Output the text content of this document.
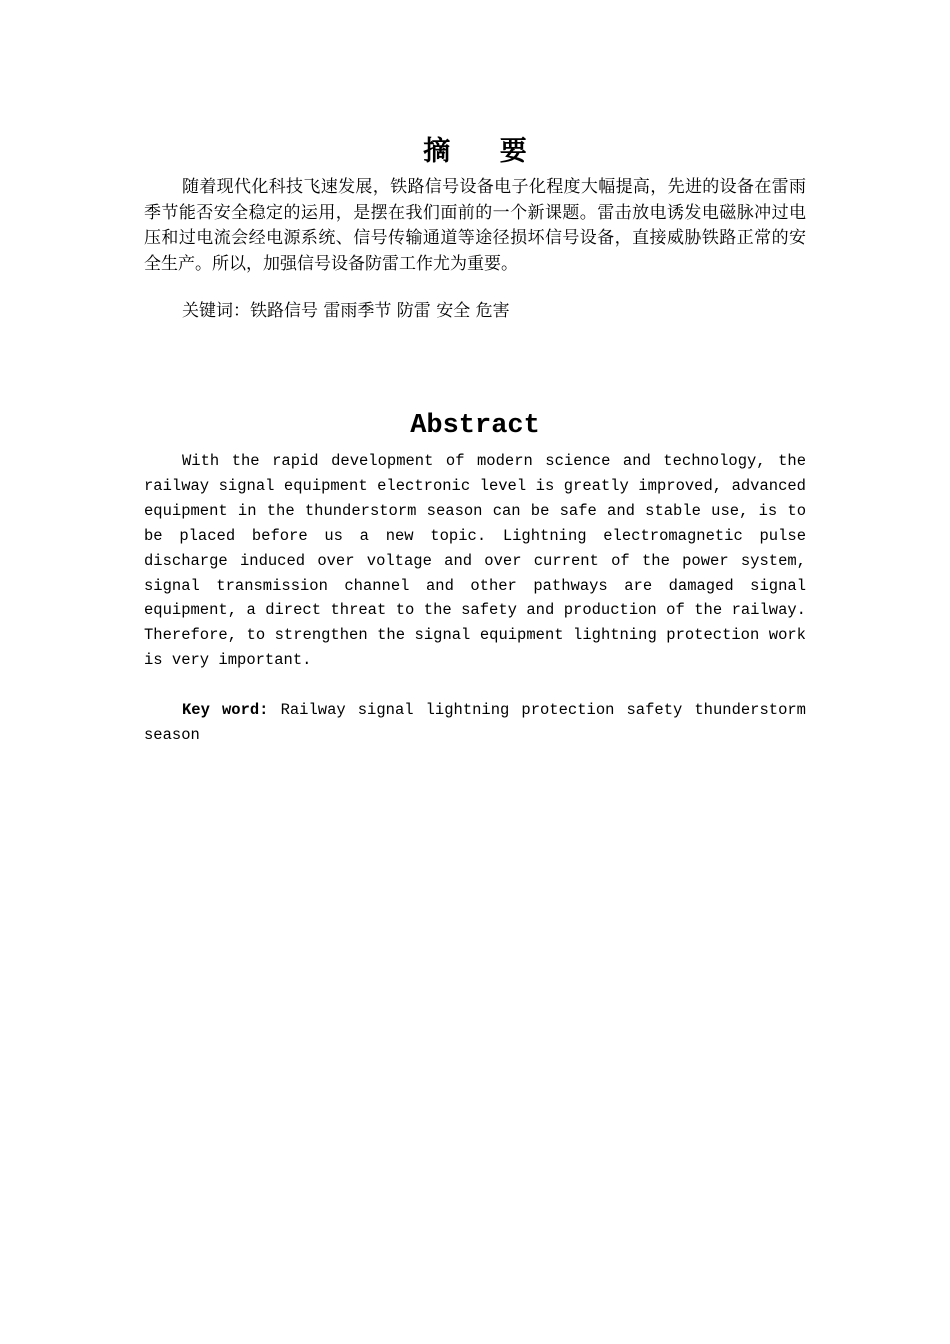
摘 要

随着现代化科技飞速发展，铁路信号设备电子化程度大幅提高，先进的设备在雷雨季节能否安全稳定的运用，是摆在我们面前的一个新课题。雷击放电诱发电磁脉冲过电压和过电流会经电源系统、信号传输通道等途径损坏信号设备，直接威胁铁路正常的安全生产。所以，加强信号设备防雷工作尤为重要。

关键词：铁路信号 雷雨季节 防雷 安全 危害

Abstract

With the rapid development of modern science and technology, the railway signal equipment electronic level is greatly improved, advanced equipment in the thunderstorm season can be safe and stable use, is to be placed before us a new topic. Lightning electromagnetic pulse discharge induced over voltage and over current of the power system, signal transmission channel and other pathways are damaged signal equipment, a direct threat to the safety and production of the railway. Therefore, to strengthen the signal equipment lightning protection work is very important.

Key word: Railway signal lightning protection safety thunderstorm season
